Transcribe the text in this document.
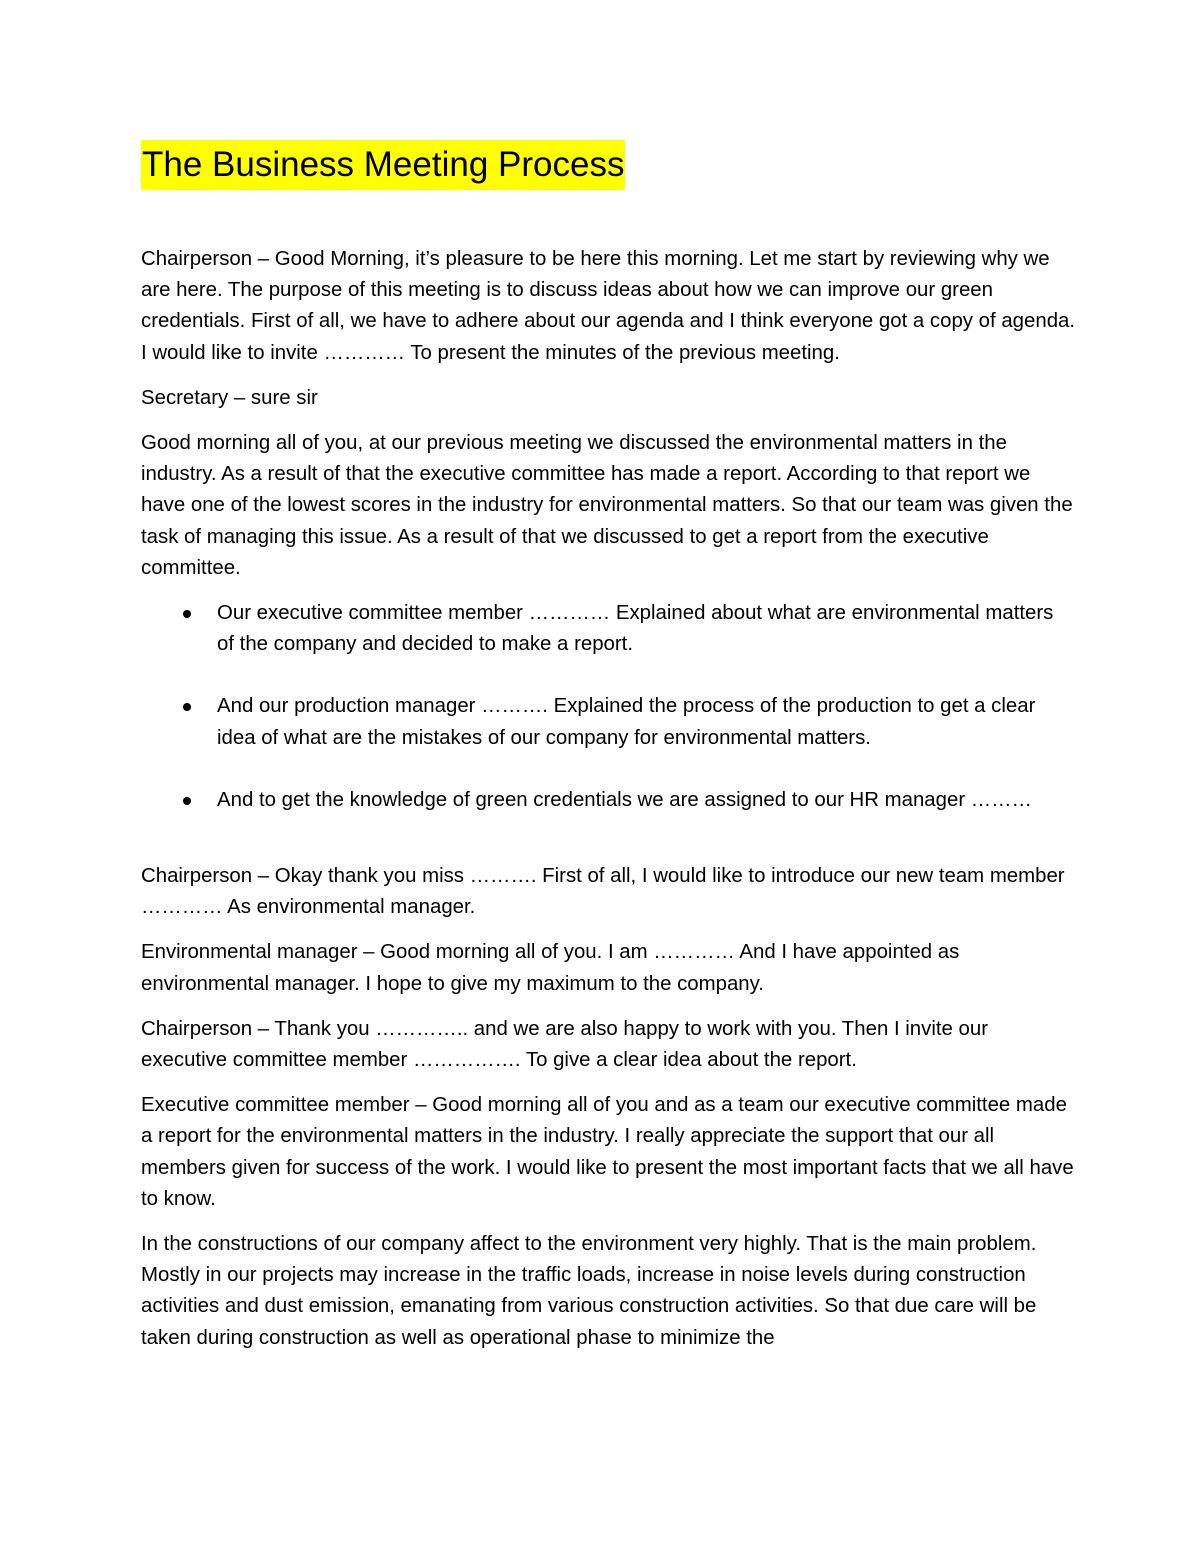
The Business Meeting Process

Chairperson – Good Morning, it’s pleasure to be here this morning. Let me start by reviewing why we are here. The purpose of this meeting is to discuss ideas about how we can improve our green credentials. First of all, we have to adhere about our agenda and I think everyone got a copy of agenda. I would like to invite ………… To present the minutes of the previous meeting.

Secretary – sure sir

Good morning all of you, at our previous meeting we discussed the environmental matters in the industry. As a result of that the executive committee has made a report. According to that report we have one of the lowest scores in the industry for environmental matters. So that our team was given the task of managing this issue. As a result of that we discussed to get a report from the executive committee.

Our executive committee member ………… Explained about what are environmental matters of the company and decided to make a report.
And our production manager ………. Explained the process of the production to get a clear idea of what are the mistakes of our company for environmental matters.
And to get the knowledge of green credentials we are assigned to our HR manager ………

Chairperson – Okay thank you miss ………. First of all, I would like to introduce our new team member ………… As environmental manager.

Environmental manager – Good morning all of you. I am ………… And I have appointed as environmental manager. I hope to give my maximum to the company.

Chairperson – Thank you ………….. and we are also happy to work with you. Then I invite our executive committee member ……………. To give a clear idea about the report.

Executive committee member – Good morning all of you and as a team our executive committee made a report for the environmental matters in the industry. I really appreciate the support that our all members given for success of the work. I would like to present the most important facts that we all have to know.

In the constructions of our company affect to the environment very highly. That is the main problem. Mostly in our projects may increase in the traffic loads, increase in noise levels during construction activities and dust emission, emanating from various construction activities. So that due care will be taken during construction as well as operational phase to minimize the
